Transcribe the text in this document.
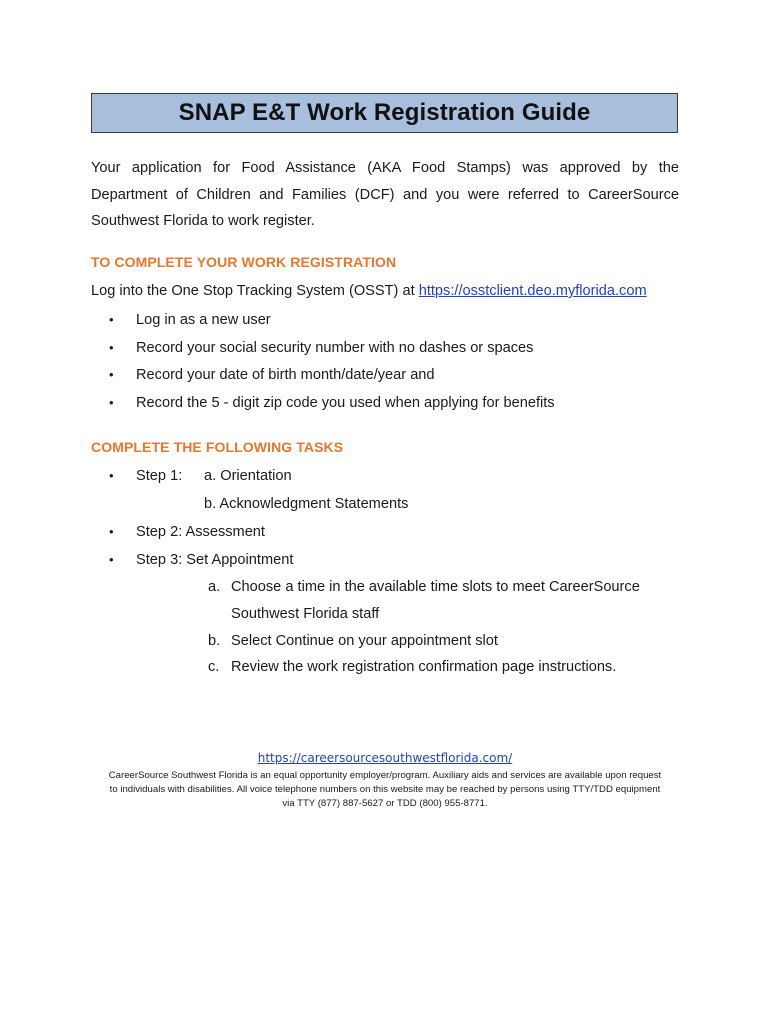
SNAP E&T Work Registration Guide
Your application for Food Assistance (AKA Food Stamps) was approved by the
Department of Children and Families (DCF) and you were referred to CareerSource
Southwest Florida to work register.
TO COMPLETE YOUR WORK REGISTRATION
Log into the One Stop Tracking System (OSST) at https://osstclient.deo.myflorida.com
• Log in as a new user
• Record your social security number with no dashes or spaces
• Record your date of birth month/date/year and
• Record the 5 - digit zip code you used when applying for benefits
COMPLETE THE FOLLOWING TASKS
• Step 1:
• Step 2: Assessment
• Step 3: Set Appointment
a. Orientation
b. Acknowledgment Statements
a. Choose a time in the available time slots to meet CareerSource
Southwest Florida staff
b. Select Continue on your appointment slot
c. Review the work registration confirmation page instructions.
https://careersourcesouthwestflorida.com/
CareerSource Southwest Florida is an equal opportunity employer/program. Auxiliary aids and services are available upon request
to individuals with disabilities. All voice telephone numbers on this website may be reached by persons using TTY/TDD equipment
via TTY (877) 887-5627 or TDD (800) 955-8771.
